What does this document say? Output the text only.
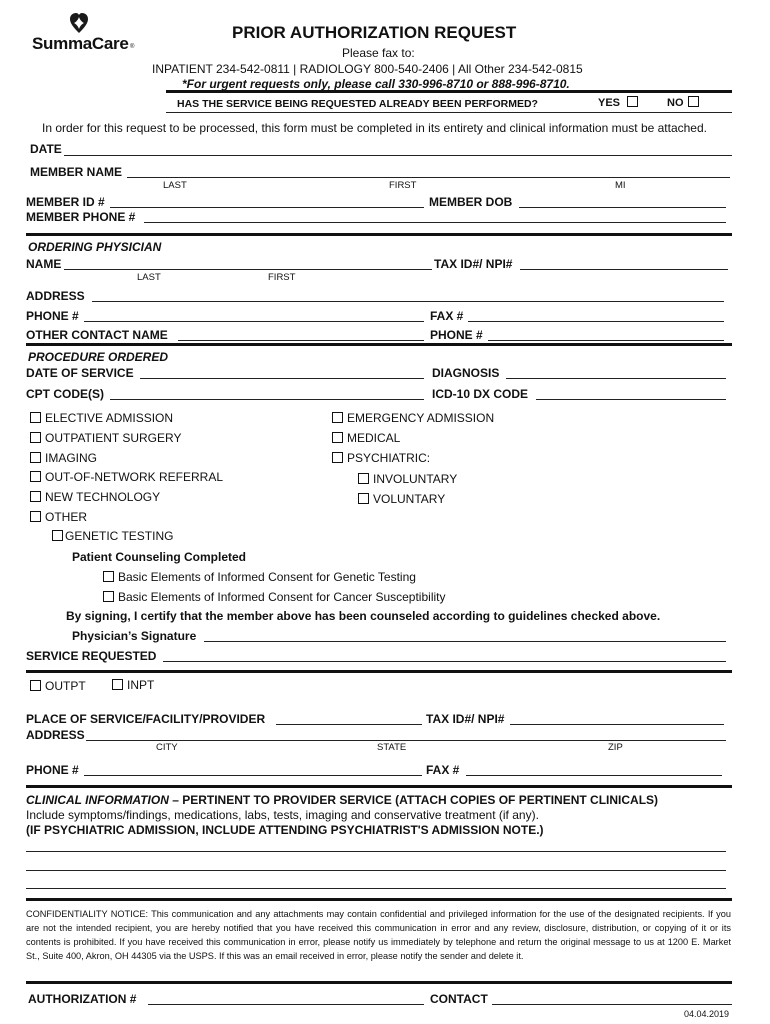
SummaCare ®
PRIOR AUTHORIZATION REQUEST
Please fax to:
INPATIENT 234-542-0811 | RADIOLOGY 800-540-2406 | All Other 234-542-0815
*For urgent requests only, please call 330-996-8710 or 888-996-8710.
HAS THE SERVICE BEING REQUESTED ALREADY BEEN PERFORMED?	YES	NO
In order for this request to be processed, this form must be completed in its entirety and clinical information must be attached.
DATE
MEMBER NAME
LAST	FIRST	MI
MEMBER ID #	MEMBER DOB
MEMBER PHONE #
ORDERING PHYSICIAN
NAME	TAX ID#/ NPI#
LAST	FIRST
ADDRESS
PHONE #	FAX #
OTHER CONTACT NAME	PHONE #
PROCEDURE ORDERED
DATE OF SERVICE	DIAGNOSIS
CPT CODE(S)	ICD-10 DX CODE
ELECTIVE ADMISSION
OUTPATIENT SURGERY
IMAGING
OUT-OF-NETWORK REFERRAL
NEW TECHNOLOGY
OTHER
GENETIC TESTING
EMERGENCY ADMISSION
MEDICAL
PSYCHIATRIC:
INVOLUNTARY
VOLUNTARY
Patient Counseling Completed
Basic Elements of Informed Consent for Genetic Testing
Basic Elements of Informed Consent for Cancer Susceptibility
By signing, I certify that the member above has been counseled according to guidelines checked above.
Physician’s Signature
SERVICE REQUESTED
OUTPT	INPT
PLACE OF SERVICE/FACILITY/PROVIDER	TAX ID#/ NPI#
ADDRESS
CITY	STATE	ZIP
PHONE #	FAX #
CLINICAL INFORMATION – PERTINENT TO PROVIDER SERVICE (ATTACH COPIES OF PERTINENT CLINICALS)
Include symptoms/findings, medications, labs, tests, imaging and conservative treatment (if any).
(IF PSYCHIATRIC ADMISSION, INCLUDE ATTENDING PSYCHIATRIST'S ADMISSION NOTE.)
CONFIDENTIALITY NOTICE: This communication and any attachments may contain confidential and privileged information for the use of the designated recipients. If you are not the intended recipient, you are hereby notified that you have received this communication in error and any review, disclosure, distribution, or copying of it or its contents is prohibited. If you have received this communication in error, please notify us immediately by telephone and return the original message to us at 1200 E. Market St., Suite 400, Akron, OH 44305 via the USPS. If this was an email received in error, please notify the sender and delete it.
AUTHORIZATION #	CONTACT
04.04.2019
